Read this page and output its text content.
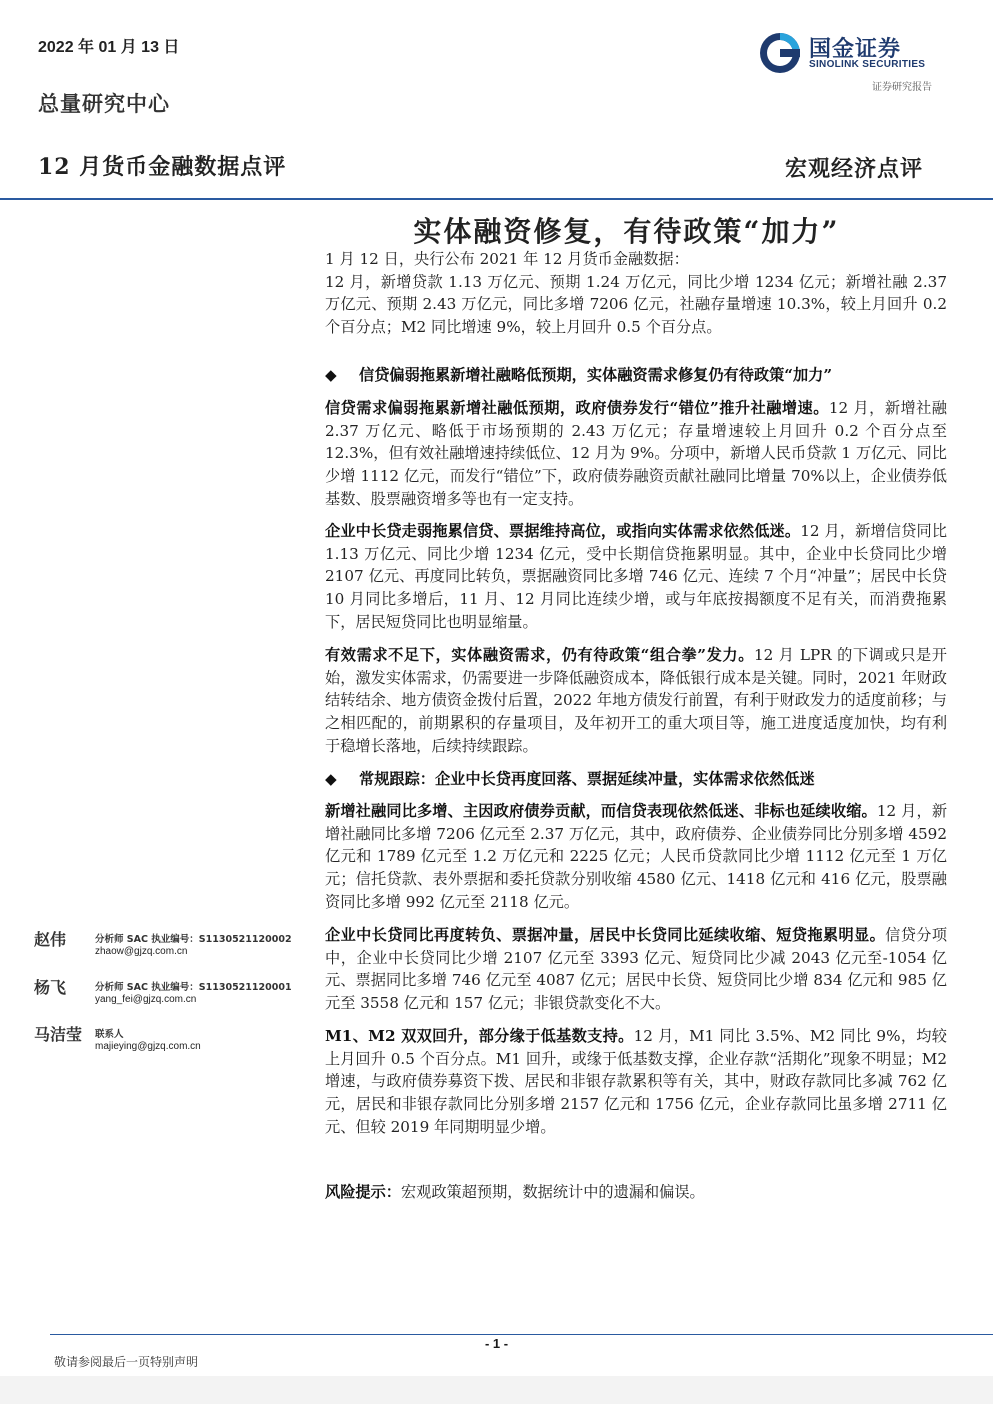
2022 年 01 月 13 日
总量研究中心
国金证券
SINOLINK SECURITIES
证券研究报告
12 月货币金融数据点评	宏观经济点评
实体融资修复，有待政策“加力”

1 月 12 日，央行公布 2021 年 12 月货币金融数据：

12 月，新增贷款 1.13 万亿元、预期 1.24 万亿元，同比少增 1234 亿元；新增社融 2.37 万亿元、预期 2.43 万亿元，同比多增 7206 亿元，社融存量增速 10.3%，较上月回升 0.2 个百分点；M2 同比增速 9%，较上月回升 0.5 个百分点。

◆ 信贷偏弱拖累新增社融略低预期，实体融资需求修复仍有待政策“加力”

信贷需求偏弱拖累新增社融低预期，政府债券发行“错位”推升社融增速。12 月，新增社融 2.37 万亿元、略低于市场预期的 2.43 万亿元；存量增速较上月回升 0.2 个百分点至 12.3%，但有效社融增速持续低位、12 月为 9%。分项中，新增人民币贷款 1 万亿元、同比少增 1112 亿元，而发行“错位”下，政府债券融资贡献社融同比增量 70%以上，企业债券低基数、股票融资增多等也有一定支持。

企业中长贷走弱拖累信贷、票据维持高位，或指向实体需求依然低迷。12 月，新增信贷同比 1.13 万亿元、同比少增 1234 亿元，受中长期信贷拖累明显。其中，企业中长贷同比少增 2107 亿元、再度同比转负，票据融资同比多增 746 亿元、连续 7 个月“冲量”；居民中长贷 10 月同比多增后，11 月、12 月同比连续少增，或与年底按揭额度不足有关，而消费拖累下，居民短贷同比也明显缩量。

有效需求不足下，实体融资需求，仍有待政策“组合拳”发力。12 月 LPR 的下调或只是开始，激发实体需求，仍需要进一步降低融资成本，降低银行成本是关键。同时，2021 年财政结转结余、地方债资金拨付后置，2022 年地方债发行前置，有利于财政发力的适度前移；与之相匹配的，前期累积的存量项目，及年初开工的重大项目等，施工进度适度加快，均有利于稳增长落地，后续持续跟踪。

◆ 常规跟踪：企业中长贷再度回落、票据延续冲量，实体需求依然低迷

新增社融同比多增、主因政府债券贡献，而信贷表现依然低迷、非标也延续收缩。12 月，新增社融同比多增 7206 亿元至 2.37 万亿元，其中，政府债券、企业债券同比分别多增 4592 亿元和 1789 亿元至 1.2 万亿元和 2225 亿元；人民币贷款同比少增 1112 亿元至 1 万亿元；信托贷款、表外票据和委托贷款分别收缩 4580 亿元、1418 亿元和 416 亿元，股票融资同比多增 992 亿元至 2118 亿元。

企业中长贷同比再度转负、票据冲量，居民中长贷同比延续收缩、短贷拖累明显。信贷分项中，企业中长贷同比少增 2107 亿元至 3393 亿元、短贷同比少减 2043 亿元至-1054 亿元、票据同比多增 746 亿元至 4087 亿元；居民中长贷、短贷同比少增 834 亿元和 985 亿元至 3558 亿元和 157 亿元；非银贷款变化不大。

M1、M2 双双回升，部分缘于低基数支持。12 月，M1 同比 3.5%、M2 同比 9%，均较上月回升 0.5 个百分点。M1 回升，或缘于低基数支撑，企业存款“活期化”现象不明显；M2 增速，与政府债券募资下拨、居民和非银存款累积等有关，其中，财政存款同比多减 762 亿元，居民和非银存款同比分别多增 2157 亿元和 1756 亿元，企业存款同比虽多增 2711 亿元、但较 2019 年同期明显少增。

风险提示：宏观政策超预期，数据统计中的遗漏和偏误。

赵伟	分析师 SAC 执业编号：S1130521120002
zhaow@gjzq.com.cn
杨飞	分析师 SAC 执业编号：S1130521120001
yang_fei@gjzq.com.cn
马洁莹 联系人
majieying@gjzq.com.cn
- 1 -
敬请参阅最后一页特别声明
